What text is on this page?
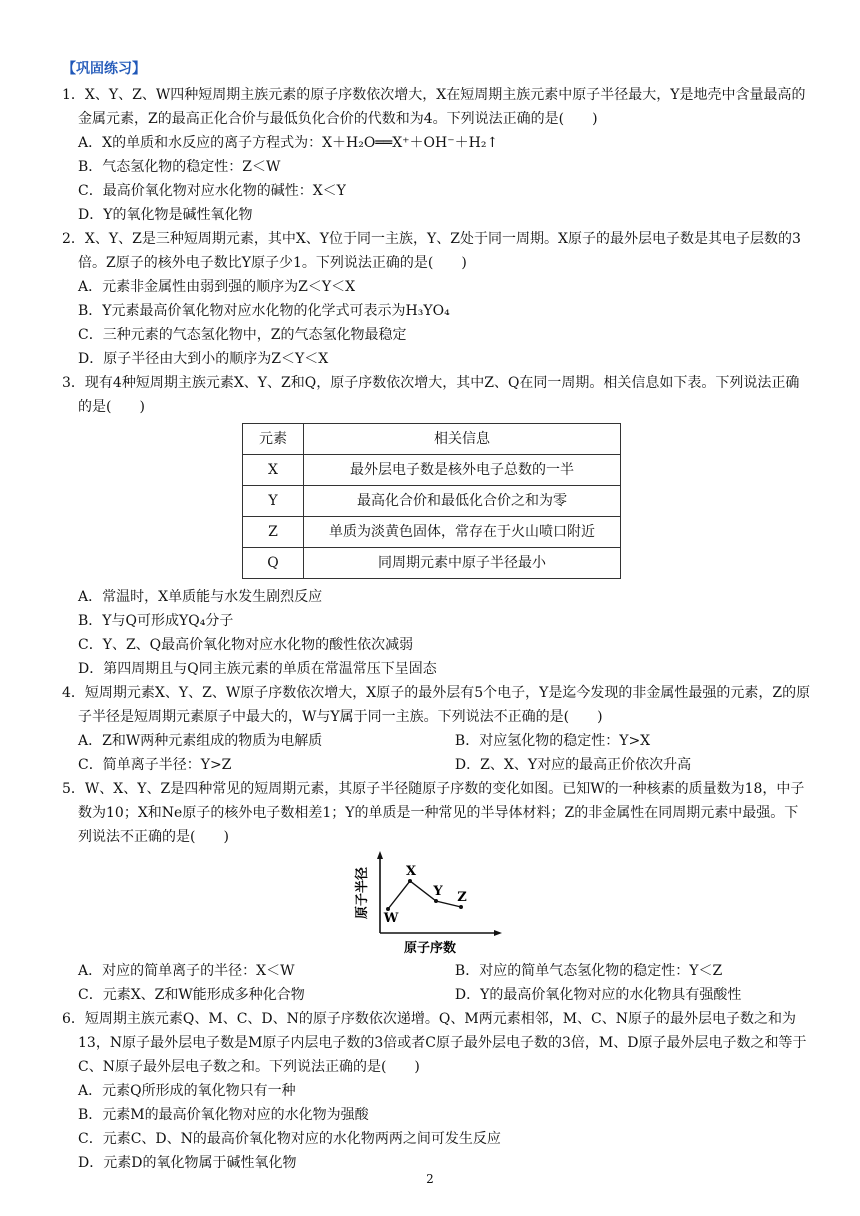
【巩固练习】
1．X、Y、Z、W四种短周期主族元素的原子序数依次增大，X在短周期主族元素中原子半径最大，Y是地壳中含量最高的金属元素，Z的最高正化合价与最低负化合价的代数和为4。下列说法正确的是(　　)
A．X的单质和水反应的离子方程式为：X＋H₂O══X⁺＋OH⁻＋H₂↑
B．气态氢化物的稳定性：Z＜W
C．最高价氧化物对应水化物的碱性：X＜Y
D．Y的氧化物是碱性氧化物
2．X、Y、Z是三种短周期元素，其中X、Y位于同一主族，Y、Z处于同一周期。X原子的最外层电子数是其电子层数的3倍。Z原子的核外电子数比Y原子少1。下列说法正确的是(　　)
A．元素非金属性由弱到强的顺序为Z＜Y＜X
B．Y元素最高价氧化物对应水化物的化学式可表示为H₃YO₄
C．三种元素的气态氢化物中，Z的气态氢化物最稳定
D．原子半径由大到小的顺序为Z＜Y＜X
3．现有4种短周期主族元素X、Y、Z和Q，原子序数依次增大，其中Z、Q在同一周期。相关信息如下表。下列说法正确的是(　　)
元素	相关信息
X	最外层电子数是核外电子总数的一半
Y	最高化合价和最低化合价之和为零
Z	单质为淡黄色固体，常存在于火山喷口附近
Q	同周期元素中原子半径最小
A．常温时，X单质能与水发生剧烈反应
B．Y与Q可形成YQ₄分子
C．Y、Z、Q最高价氧化物对应水化物的酸性依次减弱
D．第四周期且与Q同主族元素的单质在常温常压下呈固态
4．短周期元素X、Y、Z、W原子序数依次增大，X原子的最外层有5个电子，Y是迄今发现的非金属性最强的元素，Z的原子半径是短周期元素原子中最大的，W与Y属于同一主族。下列说法不正确的是(　　)
A．Z和W两种元素组成的物质为电解质	B．对应氢化物的稳定性：Y>X
C．简单离子半径：Y>Z	D．Z、X、Y对应的最高正价依次升高
5．W、X、Y、Z是四种常见的短周期元素，其原子半径随原子序数的变化如图。已知W的一种核素的质量数为18，中子数为10；X和Ne原子的核外电子数相差1；Y的单质是一种常见的半导体材料；Z的非金属性在同周期元素中最强。下列说法不正确的是(　　)
原子半径
原子序数
W
X
Y Z
A．对应的简单离子的半径：X＜W	B．对应的简单气态氢化物的稳定性：Y＜Z
C．元素X、Z和W能形成多种化合物	D．Y的最高价氧化物对应的水化物具有强酸性
6．短周期主族元素Q、M、C、D、N的原子序数依次递增。Q、M两元素相邻，M、C、N原子的最外层电子数之和为13，N原子最外层电子数是M原子内层电子数的3倍或者C原子最外层电子数的3倍，M、D原子最外层电子数之和等于C、N原子最外层电子数之和。下列说法正确的是(　　)
A．元素Q所形成的氧化物只有一种
B．元素M的最高价氧化物对应的水化物为强酸
C．元素C、D、N的最高价氧化物对应的水化物两两之间可发生反应
D．元素D的氧化物属于碱性氧化物
2
